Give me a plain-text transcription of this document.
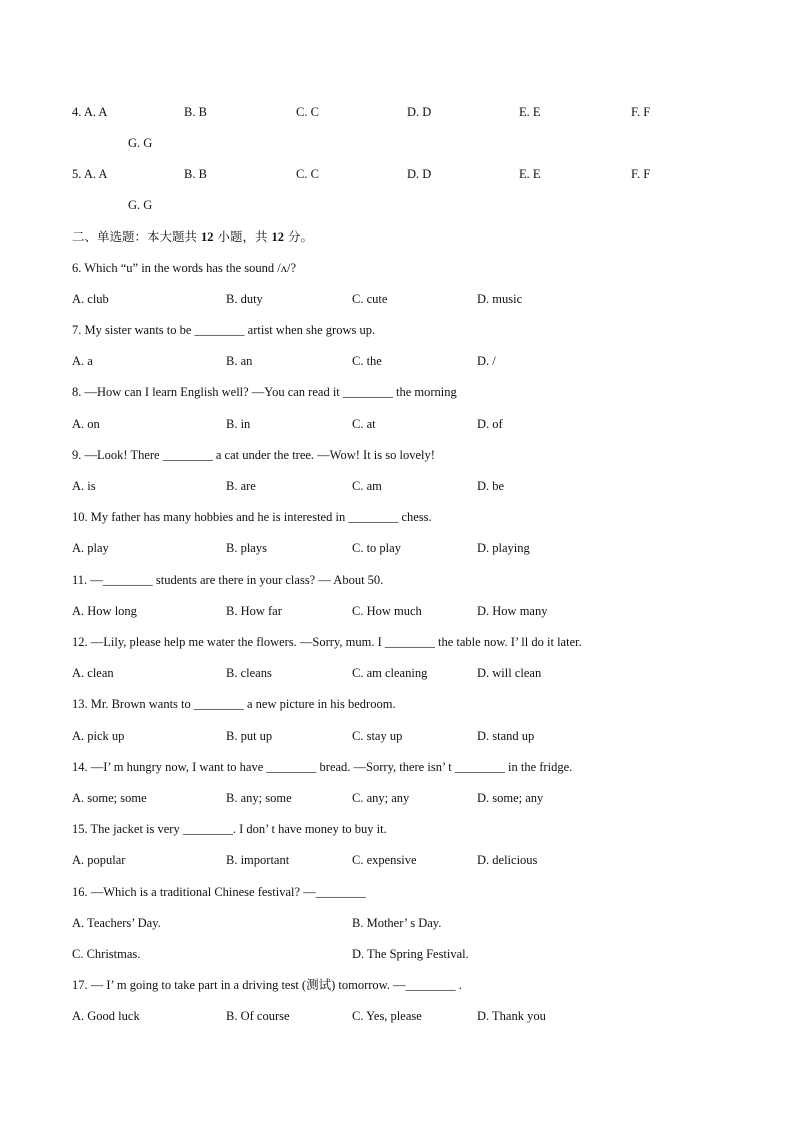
4. A. A	B. B	C. C	D. D	E. E	F. F
G. G
5. A. A	B. B	C. C	D. D	E. E	F. F
G. G
二、单选题：本大题共 12 小题，共 12 分。
6. Which “u” in the words has the sound /ʌ/?
A. club	B. duty	C. cute	D. music
7. My sister wants to be ________ artist when she grows up.
A. a	B. an	C. the	D. /
8. —How can I learn English well? —You can read it ________ the morning
A. on	B. in	C. at	D. of
9. —Look! There ________ a cat under the tree. —Wow! It is so lovely!
A. is	B. are	C. am	D. be
10. My father has many hobbies and he is interested in ________ chess.
A. play	B. plays	C. to play	D. playing
11. —________ students are there in your class? — About 50.
A. How long	B. How far	C. How much	D. How many
12. —Lily, please help me water the flowers. —Sorry, mum. I ________ the table now. I’ ll do it later.
A. clean	B. cleans	C. am cleaning	D. will clean
13. Mr. Brown wants to ________ a new picture in his bedroom.
A. pick up	B. put up	C. stay up	D. stand up
14. —I’ m hungry now, I want to have ________ bread. —Sorry, there isn’ t ________ in the fridge.
A. some; some	B. any; some	C. any; any	D. some; any
15. The jacket is very ________. I don’ t have money to buy it.
A. popular	B. important	C. expensive	D. delicious
16. —Which is a traditional Chinese festival? —________
A. Teachers’ Day.	B. Mother’ s Day.
C. Christmas.	D. The Spring Festival.
17. — I’ m going to take part in a driving test (测试) tomorrow. —________ .
A. Good luck	B. Of course	C. Yes, please	D. Thank you
